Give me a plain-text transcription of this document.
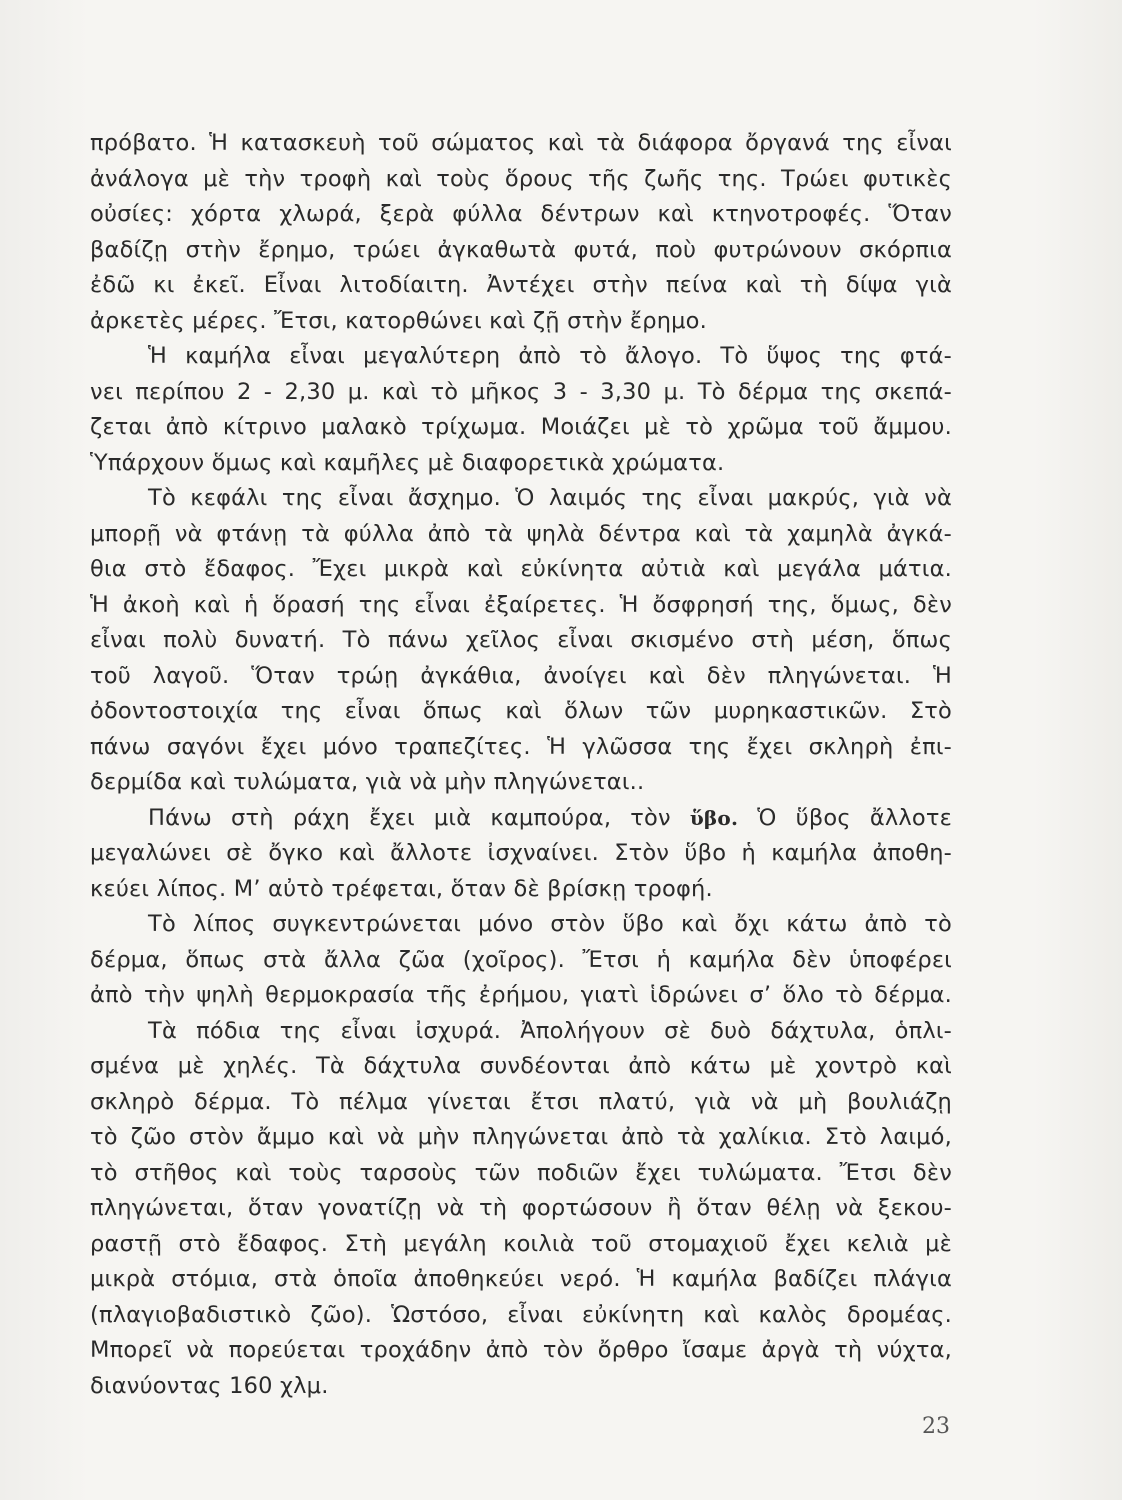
πρόβατο. Ἡ κατασκευὴ τοῦ σώματος καὶ τὰ διάφορα ὄργανά της εἶναι
ἀνάλογα μὲ τὴν τροφὴ καὶ τοὺς ὅρους τῆς ζωῆς της. Τρώει φυτικὲς
οὐσίες: χόρτα χλωρά, ξερὰ φύλλα δέντρων καὶ κτηνοτροφές. Ὅταν
βαδίζῃ στὴν ἔρημο, τρώει ἀγκαθωτὰ φυτά, ποὺ φυτρώνουν σκόρπια
ἐδῶ κι ἐκεῖ. Εἶναι λιτοδίαιτη. Ἀντέχει στὴν πείνα καὶ τὴ δίψα γιὰ
ἀρκετὲς μέρες. Ἔτσι, κατορθώνει καὶ ζῇ στὴν ἔρημο.
Ἡ καμήλα εἶναι μεγαλύτερη ἀπὸ τὸ ἄλογο. Τὸ ὕψος της φτά-
νει περίπου 2 - 2,30 μ. καὶ τὸ μῆκος 3 - 3,30 μ. Τὸ δέρμα της σκεπά-
ζεται ἀπὸ κίτρινο μαλακὸ τρίχωμα. Μοιάζει μὲ τὸ χρῶμα τοῦ ἄμμου.
Ὑπάρχουν ὅμως καὶ καμῆλες μὲ διαφορετικὰ χρώματα.
Τὸ κεφάλι της εἶναι ἄσχημο. Ὁ λαιμός της εἶναι μακρύς, γιὰ νὰ
μπορῇ νὰ φτάνῃ τὰ φύλλα ἀπὸ τὰ ψηλὰ δέντρα καὶ τὰ χαμηλὰ ἀγκά-
θια στὸ ἔδαφος. Ἔχει μικρὰ καὶ εὐκίνητα αὐτιὰ καὶ μεγάλα μάτια.
Ἡ ἀκοὴ καὶ ἡ ὅρασή της εἶναι ἐξαίρετες. Ἡ ὄσφρησή της, ὅμως, δὲν
εἶναι πολὺ δυνατή. Τὸ πάνω χεῖλος εἶναι σκισμένο στὴ μέση, ὅπως
τοῦ λαγοῦ. Ὅταν τρώῃ ἀγκάθια, ἀνοίγει καὶ δὲν πληγώνεται. Ἡ
ὀδοντοστοιχία της εἶναι ὅπως καὶ ὅλων τῶν μυρηκαστικῶν. Στὸ
πάνω σαγόνι ἔχει μόνο τραπεζίτες. Ἡ γλῶσσα της ἔχει σκληρὴ ἐπι-
δερμίδα καὶ τυλώματα, γιὰ νὰ μὴν πληγώνεται..
Πάνω στὴ ράχη ἔχει μιὰ καμπούρα, τὸν ὕβο. Ὁ ὕβος ἄλλοτε
μεγαλώνει σὲ ὄγκο καὶ ἄλλοτε ἰσχναίνει. Στὸν ὕβο ἡ καμήλα ἀποθη-
κεύει λίπος. Μ’ αὐτὸ τρέφεται, ὅταν δὲ βρίσκῃ τροφή.
Τὸ λίπος συγκεντρώνεται μόνο στὸν ὕβο καὶ ὄχι κάτω ἀπὸ τὸ
δέρμα, ὅπως στὰ ἄλλα ζῶα (χοῖρος). Ἔτσι ἡ καμήλα δὲν ὑποφέρει
ἀπὸ τὴν ψηλὴ θερμοκρασία τῆς ἐρήμου, γιατὶ ἱδρώνει σ’ ὅλο τὸ δέρμα.
Τὰ πόδια της εἶναι ἰσχυρά. Ἀπολήγουν σὲ δυὸ δάχτυλα, ὁπλι-
σμένα μὲ χηλές. Τὰ δάχτυλα συνδέονται ἀπὸ κάτω μὲ χοντρὸ καὶ
σκληρὸ δέρμα. Τὸ πέλμα γίνεται ἔτσι πλατύ, γιὰ νὰ μὴ βουλιάζῃ
τὸ ζῶο στὸν ἄμμο καὶ νὰ μὴν πληγώνεται ἀπὸ τὰ χαλίκια. Στὸ λαιμό,
τὸ στῆθος καὶ τοὺς ταρσοὺς τῶν ποδιῶν ἔχει τυλώματα. Ἔτσι δὲν
πληγώνεται, ὅταν γονατίζῃ νὰ τὴ φορτώσουν ἢ ὅταν θέλῃ νὰ ξεκου-
ραστῇ στὸ ἔδαφος. Στὴ μεγάλη κοιλιὰ τοῦ στομαχιοῦ ἔχει κελιὰ μὲ
μικρὰ στόμια, στὰ ὁποῖα ἀποθηκεύει νερό. Ἡ καμήλα βαδίζει πλάγια
(πλαγιοβαδιστικὸ ζῶο). Ὡστόσο, εἶναι εὐκίνητη καὶ καλὸς δρομέας.
Μπορεῖ νὰ πορεύεται τροχάδην ἀπὸ τὸν ὄρθρο ἴσαμε ἀργὰ τὴ νύχτα,
διανύοντας 160 χλμ.
23
